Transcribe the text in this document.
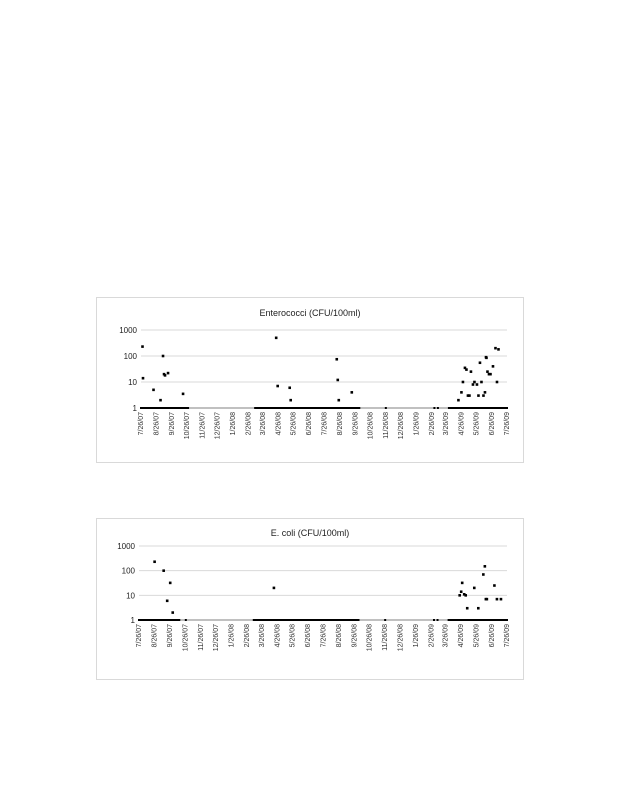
Enterococci (CFU/100ml)
1
10
100
1000
7/26/07 8/26/07 9/26/07 10/26/07 11/26/07 12/26/07 1/26/08 2/26/08 3/26/08 4/26/08 5/26/08 6/26/08 7/26/08 8/26/08 9/26/08 10/26/08 11/26/08 12/26/08 1/26/09 2/26/09 3/26/09 4/26/09 5/26/09 6/26/09 7/26/09
E. coli (CFU/100ml)
1
10
100
1000
7/26/07 8/26/07 9/26/07 10/26/07 11/26/07 12/26/07 1/26/08 2/26/08 3/26/08 4/26/08 5/26/08 6/26/08 7/26/08 8/26/08 9/26/08 10/26/08 11/26/08 12/26/08 1/26/09 2/26/09 3/26/09 4/26/09 5/26/09 6/26/09 7/26/09
